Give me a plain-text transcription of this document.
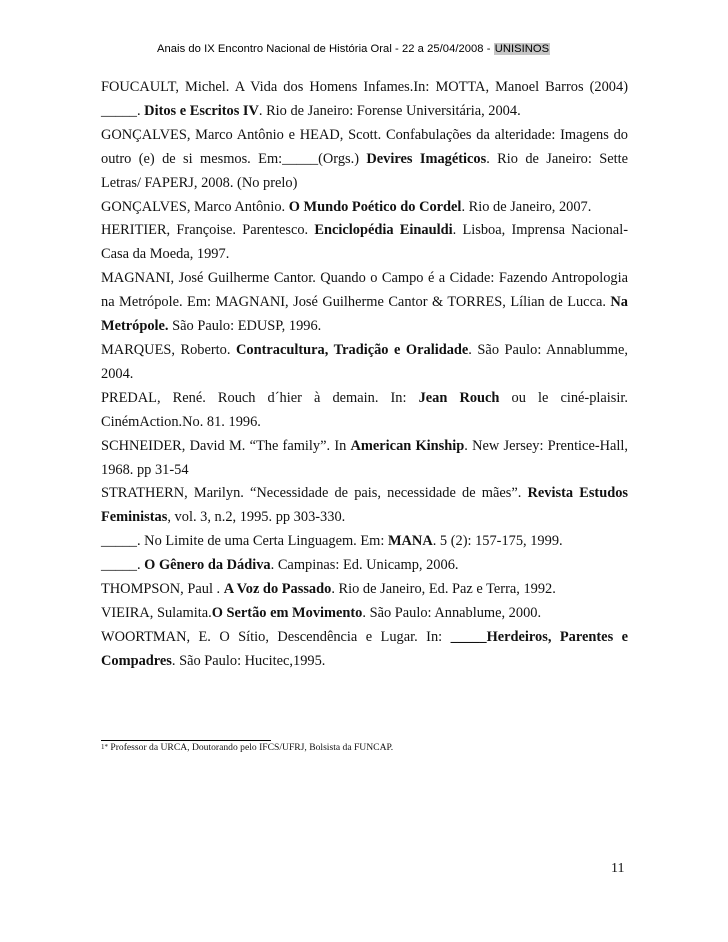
Anais do IX Encontro Nacional de História Oral - 22 a 25/04/2008 - UNISINOS

FOUCAULT, Michel. A Vida dos Homens Infames.In: MOTTA, Manoel Barros (2004) _____. Ditos e Escritos IV. Rio de Janeiro: Forense Universitária, 2004.

GONÇALVES, Marco Antônio e HEAD, Scott. Confabulações da alteridade: Imagens do outro (e) de si mesmos. Em:_____(Orgs.) Devires Imagéticos. Rio de Janeiro: Sette Letras/ FAPERJ, 2008. (No prelo)

GONÇALVES, Marco Antônio. O Mundo Poético do Cordel. Rio de Janeiro, 2007.

HERITIER, Françoise. Parentesco. Enciclopédia Einauldi. Lisboa, Imprensa Nacional-Casa da Moeda, 1997.

MAGNANI, José Guilherme Cantor. Quando o Campo é a Cidade: Fazendo Antropologia na Metrópole. Em: MAGNANI, José Guilherme Cantor & TORRES, Lílian de Lucca. Na Metrópole. São Paulo: EDUSP, 1996.

MARQUES, Roberto. Contracultura, Tradição e Oralidade. São Paulo: Annablumme, 2004.

PREDAL, René. Rouch d´hier à demain. In: Jean Rouch ou le ciné-plaisir. CinémAction.No. 81. 1996.

SCHNEIDER, David M. “The family”. In American Kinship. New Jersey: Prentice-Hall, 1968. pp 31-54

STRATHERN, Marilyn. “Necessidade de pais, necessidade de mães”. Revista Estudos Feministas, vol. 3, n.2, 1995. pp 303-330.

_____. No Limite de uma Certa Linguagem. Em: MANA. 5 (2): 157-175, 1999.

_____. O Gênero da Dádiva. Campinas: Ed. Unicamp, 2006.

THOMPSON, Paul . A Voz do Passado. Rio de Janeiro, Ed. Paz e Terra, 1992.

VIEIRA, Sulamita.O Sertão em Movimento. São Paulo: Annablume, 2000.

WOORTMAN, E. O Sítio, Descendência e Lugar. In: _____Herdeiros, Parentes e Compadres. São Paulo: Hucitec,1995.

$^{1*}$ Professor da URCA, Doutorando pelo IFCS/UFRJ, Bolsista da FUNCAP.
11
